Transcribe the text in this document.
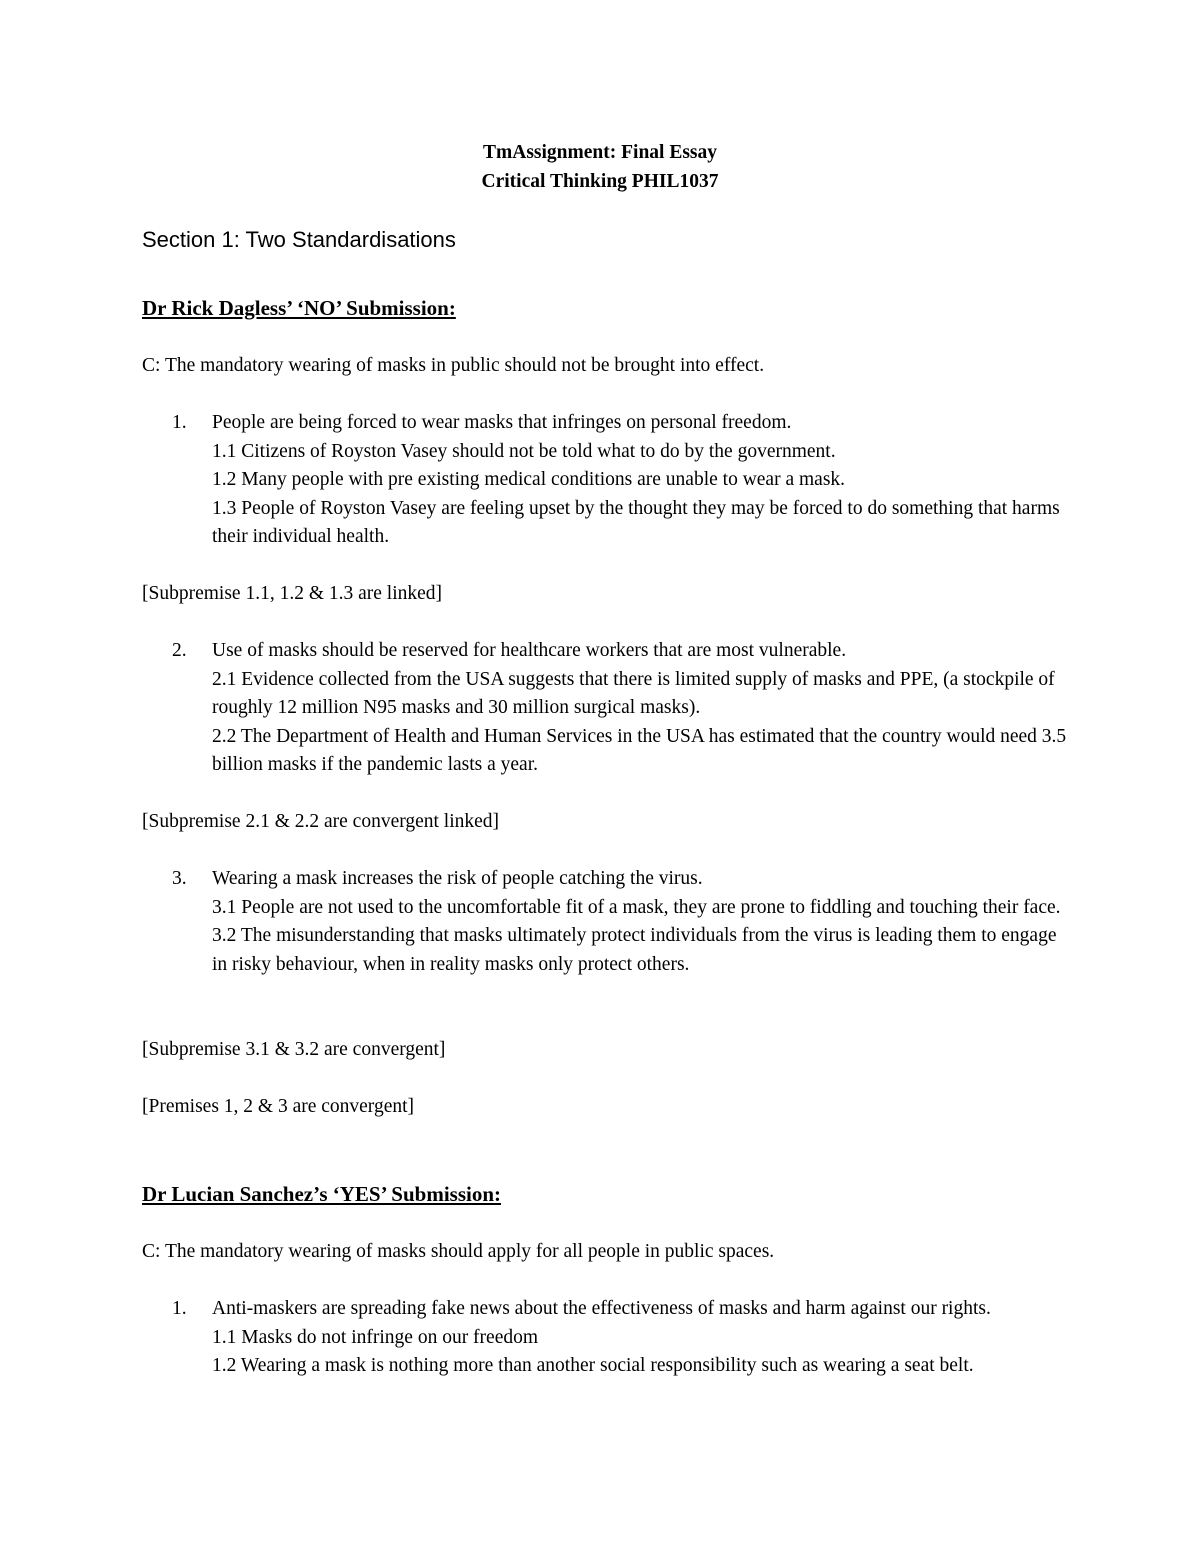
TmAssignment: Final Essay

Critical Thinking PHIL1037

Section 1: Two Standardisations
Dr Rick Dagless’ ‘NO’ Submission:

C: The mandatory wearing of masks in public should not be brought into effect.

1. People are being forced to wear masks that infringes on personal freedom.
1.1 Citizens of Royston Vasey should not be told what to do by the government.
1.2 Many people with pre existing medical conditions are unable to wear a mask.
1.3 People of Royston Vasey are feeling upset by the thought they may be forced to do something that harms their individual health.

[Subpremise 1.1, 1.2 & 1.3 are linked]

2. Use of masks should be reserved for healthcare workers that are most vulnerable.
2.1 Evidence collected from the USA suggests that there is limited supply of masks and PPE, (a stockpile of roughly 12 million N95 masks and 30 million surgical masks).
2.2 The Department of Health and Human Services in the USA has estimated that the country would need 3.5 billion masks if the pandemic lasts a year.

[Subpremise 2.1 & 2.2 are convergent linked]

3. Wearing a mask increases the risk of people catching the virus.
3.1 People are not used to the uncomfortable fit of a mask, they are prone to fiddling and touching their face.
3.2 The misunderstanding that masks ultimately protect individuals from the virus is leading them to engage in risky behaviour, when in reality masks only protect others.

[Subpremise 3.1 & 3.2 are convergent]

[Premises 1, 2 & 3 are convergent]

Dr Lucian Sanchez’s ‘YES’ Submission:

C: The mandatory wearing of masks should apply for all people in public spaces.

1. Anti-maskers are spreading fake news about the effectiveness of masks and harm against our rights.
1.1 Masks do not infringe on our freedom
1.2 Wearing a mask is nothing more than another social responsibility such as wearing a seat belt.
